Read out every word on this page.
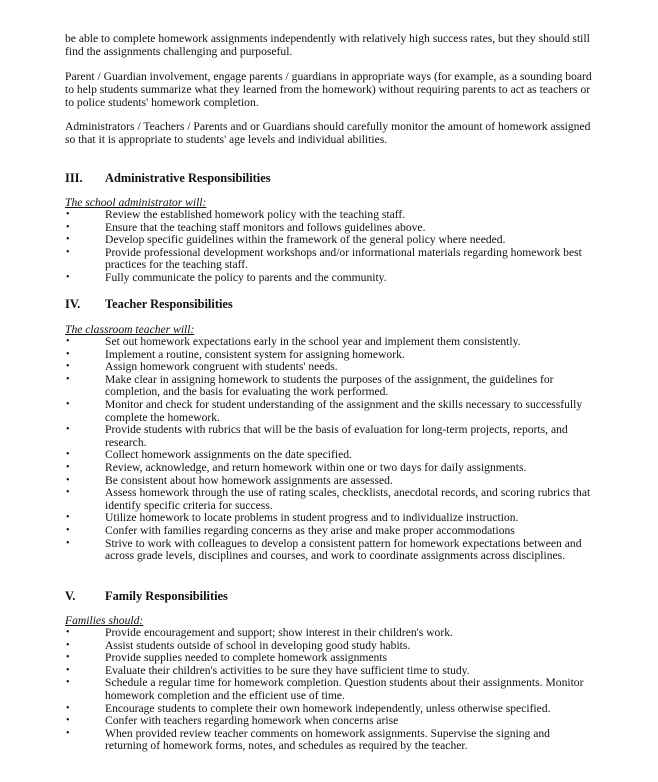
be able to complete homework assignments independently with relatively high success rates, but they should still find the assignments challenging and purposeful.

Parent / Guardian involvement, engage parents / guardians in appropriate ways (for example, as a sounding board to help students summarize what they learned from the homework) without requiring parents to act as teachers or to police students' homework completion.

Administrators / Teachers / Parents and or Guardians should carefully monitor the amount of homework assigned so that it is appropriate to students' age levels and individual abilities.

III. Administrative Responsibilities
The school administrator will:
•	Review the established homework policy with the teaching staff.
•	Ensure that the teaching staff monitors and follows guidelines above.
•	Develop specific guidelines within the framework of the general policy where needed.
•	Provide professional development workshops and/or informational materials regarding homework best practices for the teaching staff.
•	Fully communicate the policy to parents and the community.
IV. Teacher Responsibilities
The classroom teacher will:
•	Set out homework expectations early in the school year and implement them consistently.
•	Implement a routine, consistent system for assigning homework.
•	Assign homework congruent with students' needs.
•	Make clear in assigning homework to students the purposes of the assignment, the guidelines for completion, and the basis for evaluating the work performed.
•	Monitor and check for student understanding of the assignment and the skills necessary to successfully complete the homework.
•	Provide students with rubrics that will be the basis of evaluation for long-term projects, reports, and research.
•	Collect homework assignments on the date specified.
•	Review, acknowledge, and return homework within one or two days for daily assignments.
•	Be consistent about how homework assignments are assessed.
•	Assess homework through the use of rating scales, checklists, anecdotal records, and scoring rubrics that identify specific criteria for success.
•	Utilize homework to locate problems in student progress and to individualize instruction.
•	Confer with families regarding concerns as they arise and make proper accommodations
•	Strive to work with colleagues to develop a consistent pattern for homework expectations between and across grade levels, disciplines and courses, and work to coordinate assignments across disciplines.
V. Family Responsibilities
Families should:
•	Provide encouragement and support; show interest in their children's work.
•	Assist students outside of school in developing good study habits.
•	Provide supplies needed to complete homework assignments
•	Evaluate their children's activities to be sure they have sufficient time to study.
•	Schedule a regular time for homework completion. Question students about their assignments. Monitor homework completion and the efficient use of time.
•	Encourage students to complete their own homework independently, unless otherwise specified.
•	Confer with teachers regarding homework when concerns arise
•	When provided review teacher comments on homework assignments. Supervise the signing and returning of homework forms, notes, and schedules as required by the teacher.
